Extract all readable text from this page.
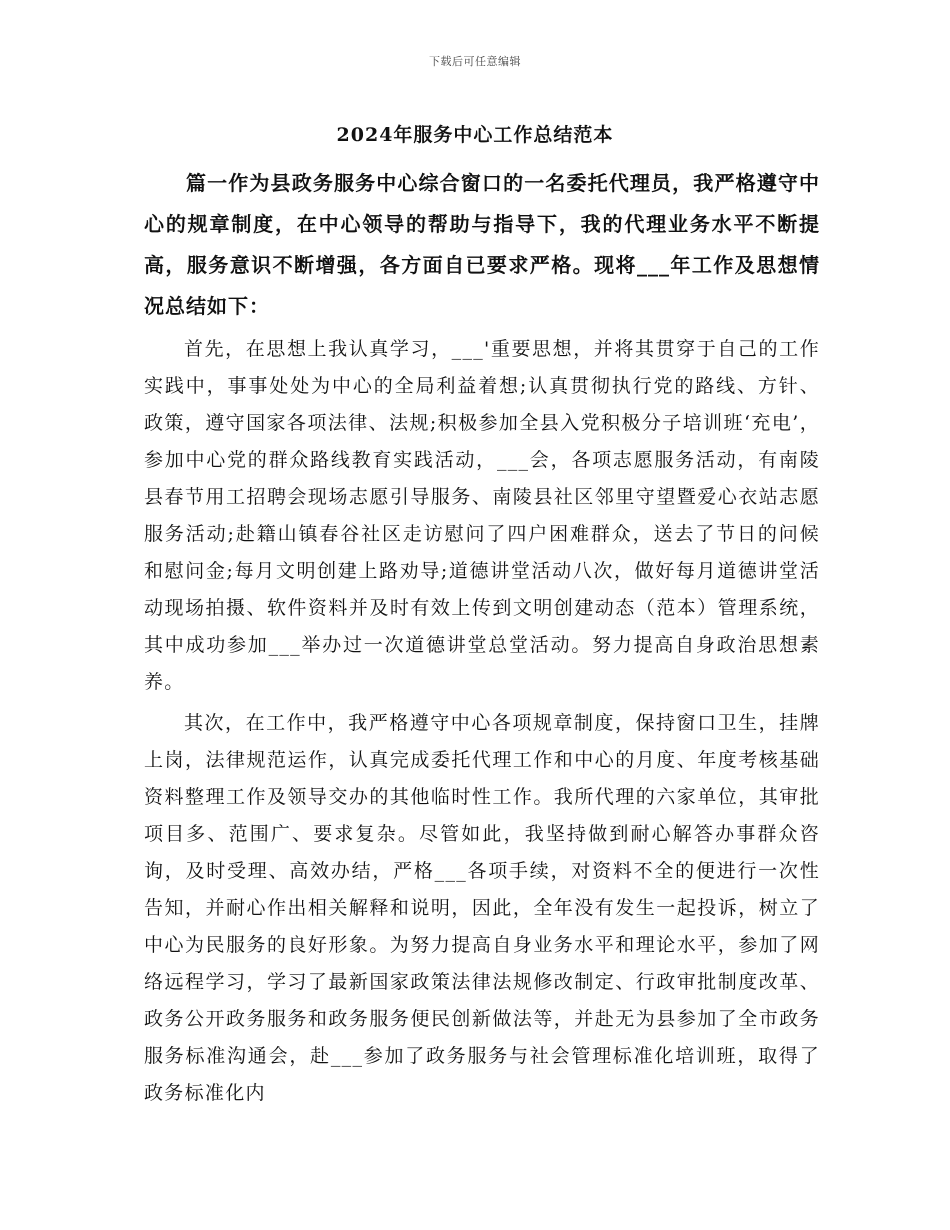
下载后可任意编辑
2024年服务中心工作总结范本

篇一作为县政务服务中心综合窗口的一名委托代理员，我严格遵守中心的规章制度，在中心领导的帮助与指导下，我的代理业务水平不断提高，服务意识不断增强，各方面自已要求严格。现将___年工作及思想情况总结如下：

首先，在思想上我认真学习，___'重要思想，并将其贯穿于自己的工作实践中，事事处处为中心的全局利益着想;认真贯彻执行党的路线、方针、政策，遵守国家各项法律、法规;积极参加全县入党积极分子培训班‘充电’，参加中心党的群众路线教育实践活动，___会，各项志愿服务活动，有南陵县春节用工招聘会现场志愿引导服务、南陵县社区邻里守望暨爱心衣站志愿服务活动;赴籍山镇春谷社区走访慰问了四户困难群众，送去了节日的问候和慰问金;每月文明创建上路劝导;道德讲堂活动八次，做好每月道德讲堂活动现场拍摄、软件资料并及时有效上传到文明创建动态（范本）管理系统，其中成功参加___举办过一次道德讲堂总堂活动。努力提高自身政治思想素养。

其次，在工作中，我严格遵守中心各项规章制度，保持窗口卫生，挂牌上岗，法律规范运作，认真完成委托代理工作和中心的月度、年度考核基础资料整理工作及领导交办的其他临时性工作。我所代理的六家单位，其审批项目多、范围广、要求复杂。尽管如此，我坚持做到耐心解答办事群众咨询，及时受理、高效办结，严格___各项手续，对资料不全的便进行一次性告知，并耐心作出相关解释和说明，因此，全年没有发生一起投诉，树立了中心为民服务的良好形象。为努力提高自身业务水平和理论水平，参加了网络远程学习，学习了最新国家政策法律法规修改制定、行政审批制度改革、政务公开政务服务和政务服务便民创新做法等，并赴无为县参加了全市政务服务标准沟通会，赴___参加了政务服务与社会管理标准化培训班，取得了政务标准化内
